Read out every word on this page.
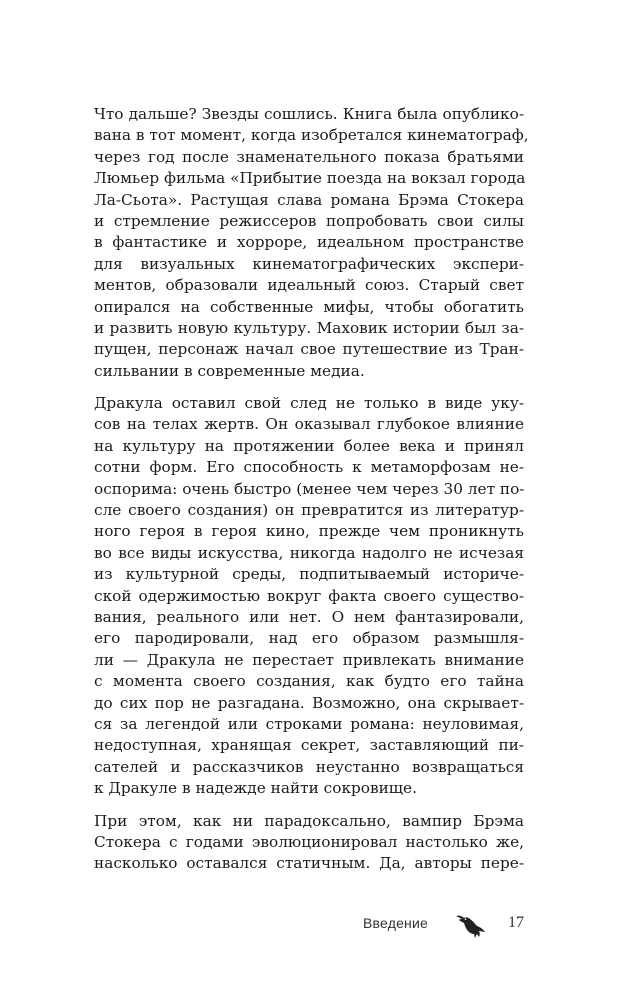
Что дальше? Звезды сошлись. Книга была опублико-
вана в тот момент, когда изобретался кинематограф,
через год после знаменательного показа братьями
Люмьер фильма «Прибытие поезда на вокзал города
Ла-Сьота». Растущая слава романа Брэма Стокера
и стремление режиссеров попробовать свои силы
в фантастике и хорроре, идеальном пространстве
для визуальных кинематографических экспери-
ментов, образовали идеальный союз. Старый свет
опирался на собственные мифы, чтобы обогатить
и развить новую культуру. Маховик истории был за-
пущен, персонаж начал свое путешествие из Тран-
сильвании в современные медиа.
Дракула оставил свой след не только в виде уку-
сов на телах жертв. Он оказывал глубокое влияние
на культуру на протяжении более века и принял
сотни форм. Его способность к метаморфозам не-
оспорима: очень быстро (менее чем через 30 лет по-
сле своего создания) он превратится из литератур-
ного героя в героя кино, прежде чем проникнуть
во все виды искусства, никогда надолго не исчезая
из культурной среды, подпитываемый историче-
ской одержимостью вокруг факта своего существо-
вания, реального или нет. О нем фантазировали,
его пародировали, над его образом размышля-
ли — Дракула не перестает привлекать внимание
с момента своего создания, как будто его тайна
до сих пор не разгадана. Возможно, она скрывает-
ся за легендой или строками романа: неуловимая,
недоступная, хранящая секрет, заставляющий пи-
сателей и рассказчиков неустанно возвращаться
к Дракуле в надежде найти сокровище.
При этом, как ни парадоксально, вампир Брэма
Стокера с годами эволюционировал настолько же,
насколько оставался статичным. Да, авторы пере-
Введение	17
